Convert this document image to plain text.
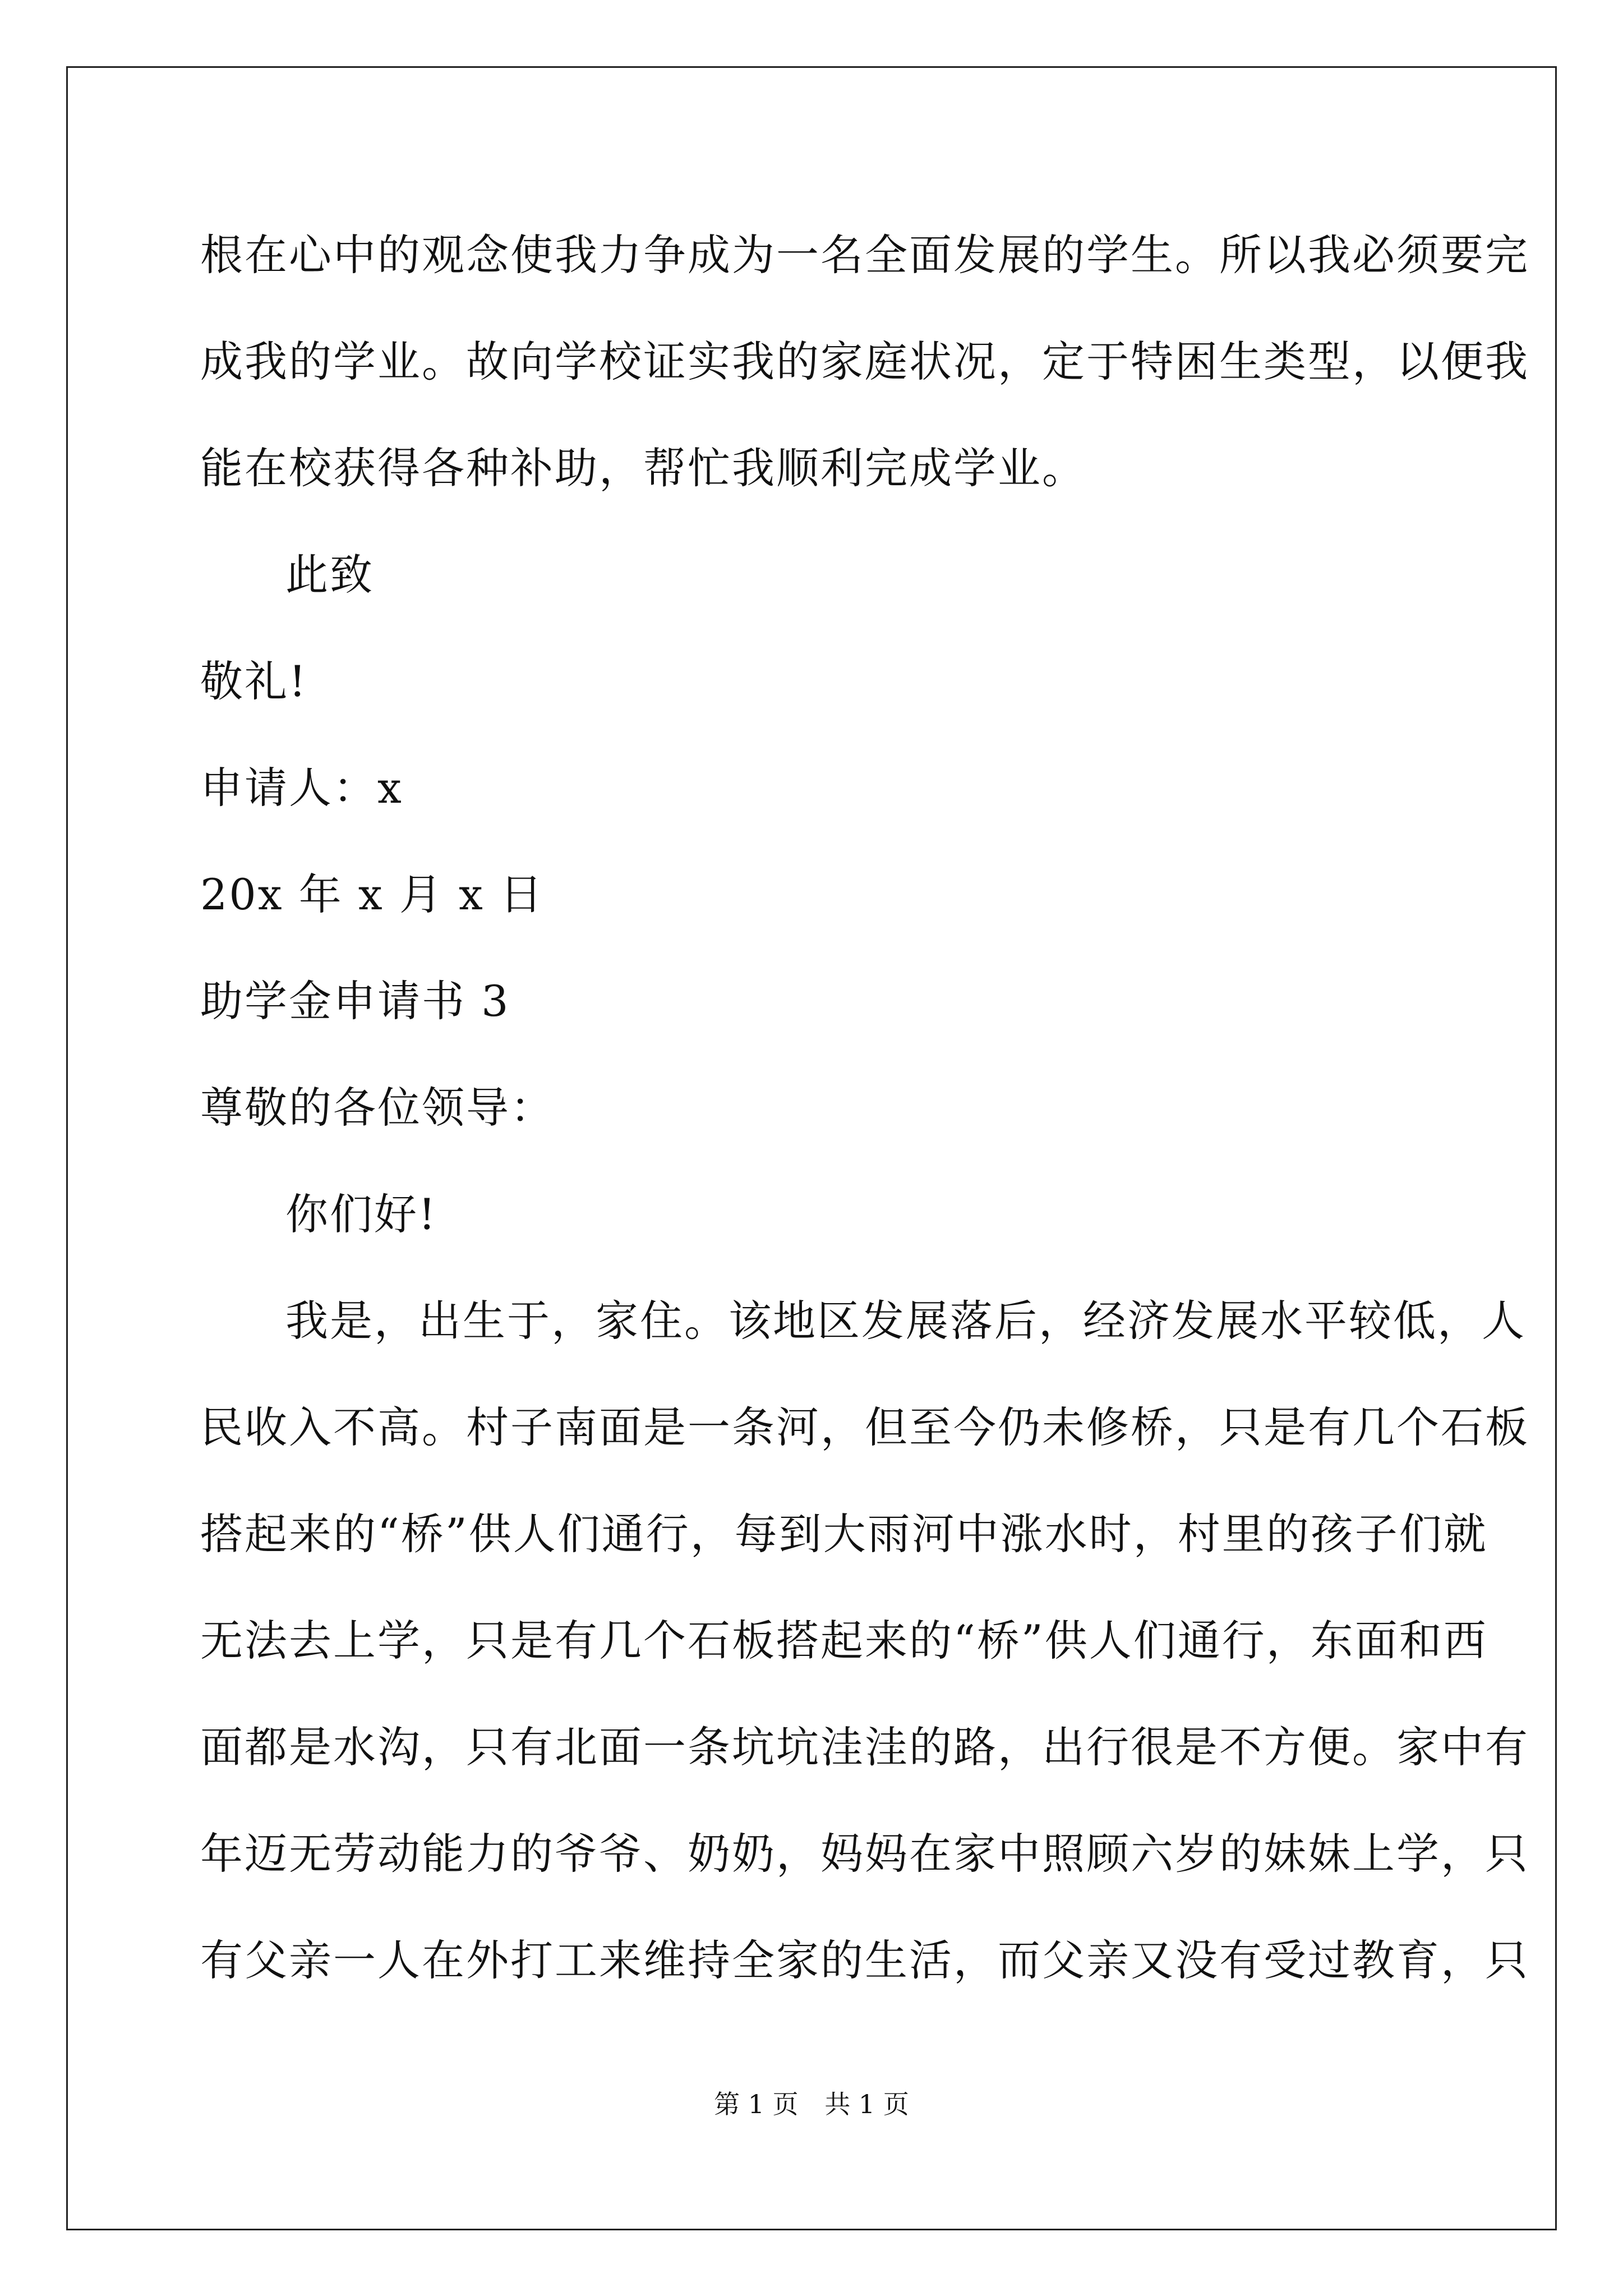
根在心中的观念使我力争成为一名全面发展的学生。所以我必须要完
成我的学业。故向学校证实我的家庭状况，定于特困生类型，以便我
能在校获得各种补助，帮忙我顺利完成学业。
此致
敬礼!
申请人：x
20x 年 x 月 x 日
助学金申请书 3
尊敬的各位领导：
你们好!
我是，出生于，家住。该地区发展落后，经济发展水平较低，人
民收入不高。村子南面是一条河，但至今仍未修桥，只是有几个石板
搭起来的“桥”供人们通行，每到大雨河中涨水时，村里的孩子们就
无法去上学，只是有几个石板搭起来的“桥”供人们通行，东面和西
面都是水沟，只有北面一条坑坑洼洼的路，出行很是不方便。家中有
年迈无劳动能力的爷爷、奶奶，妈妈在家中照顾六岁的妹妹上学，只
有父亲一人在外打工来维持全家的生活，而父亲又没有受过教育，只
第 1 页 共 1 页
